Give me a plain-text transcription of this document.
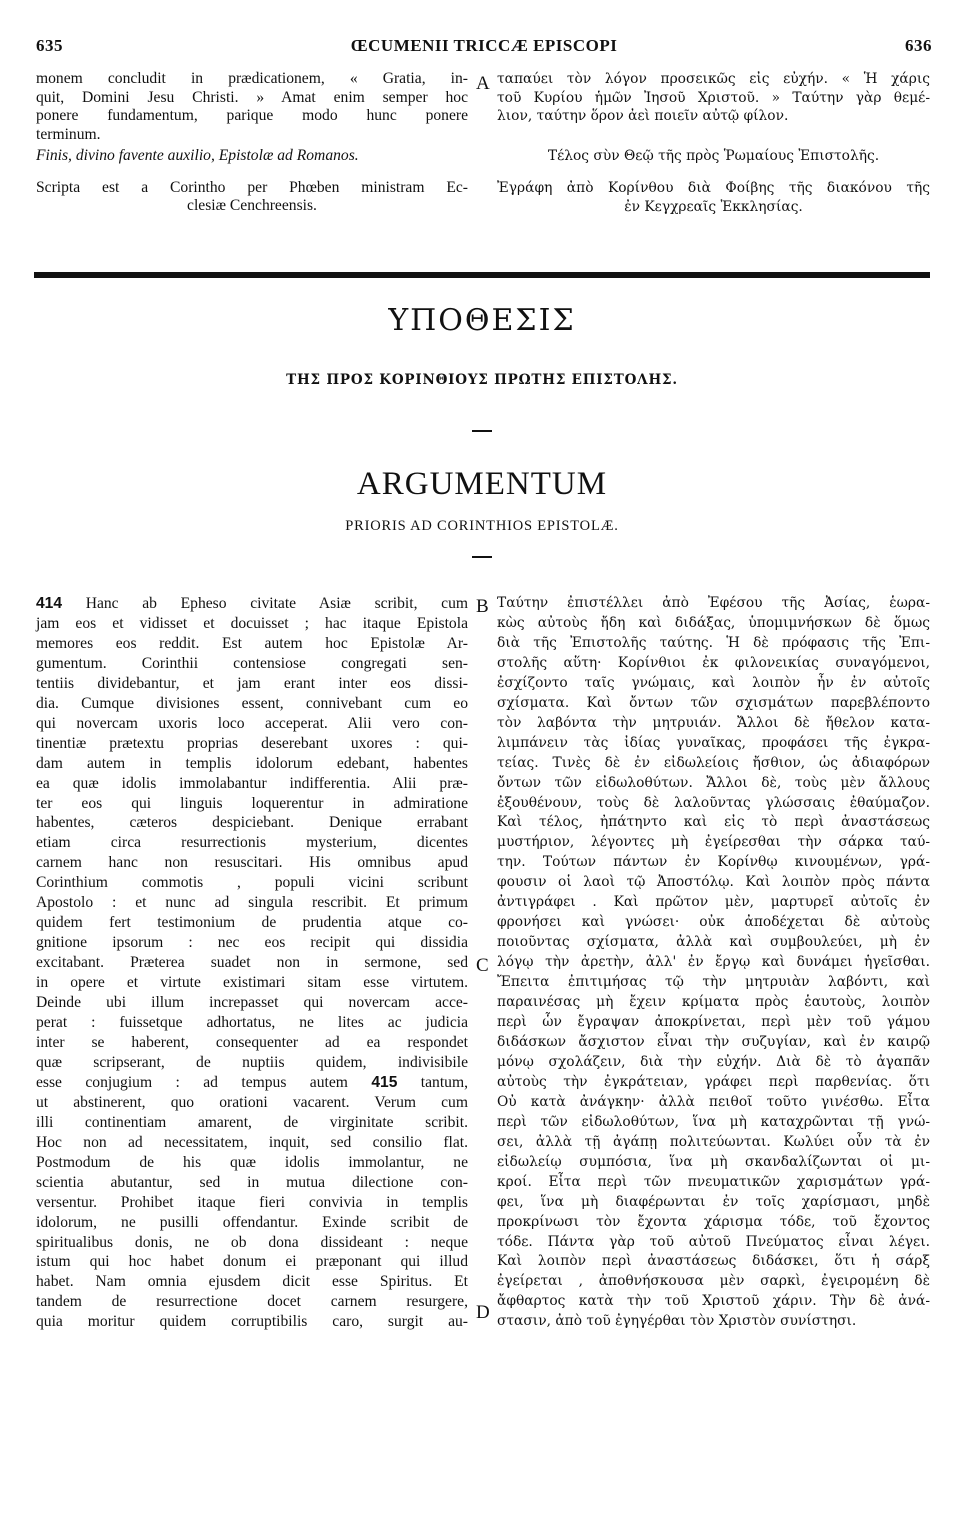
635	ŒCUMENII TRICCÆ EPISCOPI	636
monem concludit in prædicationem, « Gratia, in-
quit, Domini Jesu Christi. » Amat enim semper hoc
ponere fundamentum, parique modo hunc ponere
terminum.
Finis, divino favente auxilio, Epistolæ ad Romanos.
Scripta est a Corintho per Phœben ministram Ec-
clesiæ Cenchreensis.
A ταπαύει τὸν λόγον προσεικῶς εἰς εὐχήν. « Ἡ χάρις
τοῦ Κυρίου ἡμῶν Ἰησοῦ Χριστοῦ. » Ταύτην γὰρ θεμέ-
λιον, ταύτην ὅρον ἀεὶ ποιεῖν αὐτῷ φίλον.
Τέλος σὺν Θεῷ τῆς πρὸς Ῥωμαίους Ἐπιστολῆς.
Ἐγράφη ἀπὸ Κορίνθου διὰ Φοίβης τῆς διακόνου τῆς
ἐν Κεγχρεαῖς Ἐκκλησίας.
ΥΠΟΘΕΣΙΣ
ΤΗΣ ΠΡΟΣ ΚΟΡΙΝΘΙΟΥΣ ΠΡΩΤΗΣ ΕΠΙΣΤΟΛΗΣ.
ARGUMENTUM
PRIORIS AD CORINTHIOS EPISTOLÆ.
414 Hanc ab Epheso civitate Asiæ scribit, cum
jam eos et vidisset et docuisset ; hac itaque Epistola
memores eos reddit. Est autem hoc Epistolæ Ar-
gumentum. Corinthii contensiose congregati sen-
tentiis dividebantur, et jam erant inter eos dissi-
dia. Cumque divisiones essent, connivebant cum eo
qui novercam uxoris loco acceperat. Alii vero con-
tinentiæ prætextu proprias deserebant uxores : qui-
dam autem in templis idolorum edebant, habentes
ea quæ idolis immolabantur indifferentia. Alii præ-
ter eos qui linguis loquerentur in admiratione
habentes, cæteros despiciebant. Denique errabant
etiam circa resurrectionis mysterium, dicentes
carnem hanc non resuscitari. His omnibus apud
Corinthium commotis , populi vicini scribunt
Apostolo : et nunc ad singula rescribit. Et primum
quidem fert testimonium de prudentia atque co-
gnitione ipsorum : nec eos recipit qui dissidia
excitabant. Præterea suadet non in sermone, sed
in opere et virtute existimari sitam esse virtutem.
Deinde ubi illum increpasset qui novercam acce-
perat : fuissetque adhortatus, ne lites ac judicia
inter se haberent, consequenter ad ea respondet
quæ scripserant, de nuptiis quidem, indivisibile
esse conjugium : ad tempus autem 415 tantum,
ut abstinerent, quo orationi vacarent. Verum cum
illi continentiam amarent, de virginitate scribit.
Hoc non ad necessitatem, inquit, sed consilio flat.
Postmodum de his quæ idolis immolantur, ne
scientia abutantur, sed in mutua dilectione con-
versentur. Prohibet itaque fieri convivia in templis
idolorum, ne pusilli offendantur. Exinde scribit de
spiritualibus donis, ne ob dona dissideant : neque
istum qui hoc habet donum ei præponant qui illud
habet. Nam omnia ejusdem dicit esse Spiritus. Et
tandem de resurrectione docet carnem resurgere,
quia moritur quidem corruptibilis caro, surgit au-
B
C
D
Ταύτην ἐπιστέλλει ἀπὸ Ἐφέσου τῆς Ἀσίας, ἑωρα-
κὼς αὐτοὺς ἤδη καὶ διδάξας, ὑπομιμνήσκων δὲ ὅμως
διὰ τῆς Ἐπιστολῆς ταύτης. Ἡ δὲ πρόφασις τῆς Ἐπι-
στολῆς αὕτη· Κορίνθιοι ἐκ φιλονεικίας συναγόμενοι,
ἐσχίζοντο ταῖς γνώμαις, καὶ λοιπὸν ἦν ἐν αὐτοῖς
σχίσματα. Καὶ ὄντων τῶν σχισμάτων παρεβλέποντο
τὸν λαβόντα τὴν μητρυιάν. Ἄλλοι δὲ ἤθελον κατα-
λιμπάνειν τὰς ἰδίας γυναῖκας, προφάσει τῆς ἐγκρα-
τείας. Τινὲς δὲ ἐν εἰδωλείοις ἤσθιον, ὡς ἀδιαφόρων
ὄντων τῶν εἰδωλοθύτων. Ἄλλοι δὲ, τοὺς μὲν ἄλλους
ἐξουθένουν, τοὺς δὲ λαλοῦντας γλώσσαις ἐθαύμαζον.
Καὶ τέλος, ἠπάτηντο καὶ εἰς τὸ περὶ ἀναστάσεως
μυστήριον, λέγοντες μὴ ἐγείρεσθαι τὴν σάρκα ταύ-
την. Τούτων πάντων ἐν Κορίνθῳ κινουμένων, γρά-
φουσιν οἱ λαοὶ τῷ Ἀποστόλῳ. Καὶ λοιπὸν πρὸς πάντα
ἀντιγράφει . Καὶ πρῶτον μὲν, μαρτυρεῖ αὐτοῖς ἐν
φρονήσει καὶ γνώσει· οὐκ ἀποδέχεται δὲ αὐτοὺς
ποιοῦντας σχίσματα, ἀλλὰ καὶ συμβουλεύει, μὴ ἐν
λόγῳ τὴν ἀρετὴν, ἀλλ' ἐν ἔργῳ καὶ δυνάμει ἡγεῖσθαι.
Ἔπειτα ἐπιτιμήσας τῷ τὴν μητρυιὰν λαβόντι, καὶ
παραινέσας μὴ ἔχειν κρίματα πρὸς ἑαυτοὺς, λοιπὸν
περὶ ὧν ἔγραψαν ἀποκρίνεται, περὶ μὲν τοῦ γάμου
διδάσκων ἄσχιστον εἶναι τὴν συζυγίαν, καὶ ἐν καιρῷ
μόνῳ σχολάζειν, διὰ τὴν εὐχήν. Διὰ δὲ τὸ ἀγαπᾶν
αὐτοὺς τὴν ἐγκράτειαν, γράφει περὶ παρθενίας. ὅτι
Οὐ κατὰ ἀνάγκην· ἀλλὰ πειθοῖ τοῦτο γινέσθω. Εἶτα
περὶ τῶν εἰδωλοθύτων, ἵνα μὴ καταχρῶνται τῇ γνώ-
σει, ἀλλὰ τῇ ἀγάπῃ πολιτεύωνται. Κωλύει οὖν τὰ ἐν
εἰδωλείῳ συμπόσια, ἵνα μὴ σκανδαλίζωνται οἱ μι-
κροί. Εἶτα περὶ τῶν πνευματικῶν χαρισμάτων γρά-
φει, ἵνα μὴ διαφέρωνται ἐν τοῖς χαρίσμασι, μηδὲ
προκρίνωσι τὸν ἔχοντα χάρισμα τόδε, τοῦ ἔχοντος
τόδε. Πάντα γὰρ τοῦ αὐτοῦ Πνεύματος εἶναι λέγει.
Καὶ λοιπὸν περὶ ἀναστάσεως διδάσκει, ὅτι ἡ σάρξ
ἐγείρεται , ἀποθνήσκουσα μὲν σαρκὶ, ἐγειρομένη δὲ
ἄφθαρτος κατὰ τὴν τοῦ Χριστοῦ χάριν. Τὴν δὲ ἀνά-
στασιν, ἀπὸ τοῦ ἐγηγέρθαι τὸν Χριστὸν συνίστησι.
